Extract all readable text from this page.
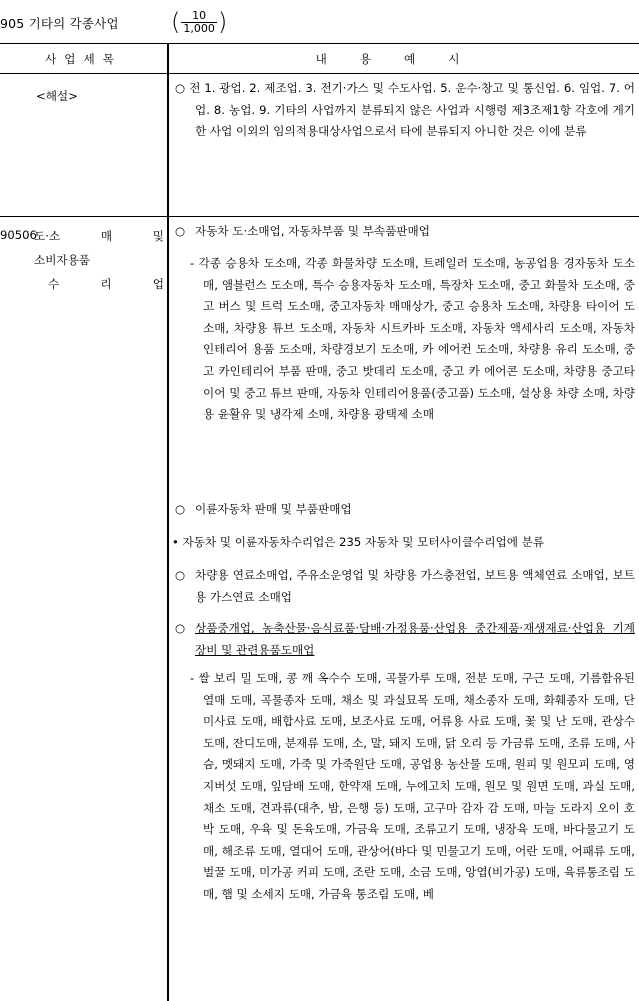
905 기타의 각종사업 ( $\frac{10}{1,000}$ )
사업세목	내용예시
<해설>
○ 전 1. 광업. 2. 제조업. 3. 전기·가스 및 수도사업. 5. 운수·창고 및 통신업. 6. 임업. 7. 어업. 8. 농업. 9. 기타의 사업까지 분류되지 않은 사업과 시행령 제3조제1항 각호에 게기한 사업 이외의 임의적용대상사업으로서 타에 분류되지 아니한 것은 이에 분류
90506
도·소 매 및
소비자용품
수 리 업
○ 자동차 도·소매업, 자동차부품 및 부속품판매업
- 각종 승용차 도소매, 각종 화물차량 도소매, 트레일러 도소매, 농공업용 경자동차 도소매, 앰블런스 도소매, 특수 승용자동차 도소매, 특장차 도소매, 중고 화물차 도소매, 중고 버스 및 트럭 도소매, 중고자동차 매매상가, 중고 승용차 도소매, 차량용 타이어 도소매, 차량용 튜브 도소매, 자동차 시트카바 도소매, 자동차 액세사리 도소매, 자동차 인테리어 용품 도소매, 차량경보기 도소매, 카 에어컨 도소매, 차량용 유리 도소매, 중고 카인테리어 부품 판매, 중고 밧데리 도소매, 중고 카 에어콘 도소매, 차량용 중고타이어 및 중고 튜브 판매, 자동차 인테리어용품(중고품) 도소매, 설상용 차량 소매, 차량용 윤활유 및 냉각제 소매, 차량용 광택제 소매
○ 이륜자동차 판매 및 부품판매업
• 자동차 및 이륜자동차수리업은 235 자동차 및 모터사이클수리업에 분류
○ 차량용 연료소매업, 주유소운영업 및 차량용 가스충전업, 보트용 액체연료 소매업, 보트용 가스연료 소매업
○ 상품중개업, 농축산물·음식료품·담배·가정용품·산업용 중간제품·재생재료·산업용 기계장비 및 관련용품도매업
- 쌀 보리 밀 도매, 콩 깨 옥수수 도매, 곡물가루 도매, 전분 도매, 구근 도매, 기름함유된 열매 도매, 곡물종자 도매, 채소 및 과실묘목 도매, 채소종자 도매, 화훼종자 도매, 단미사료 도매, 배합사료 도매, 보조사료 도매, 어류용 사료 도매, 꽃 및 난 도매, 관상수 도매, 잔디도매, 분재류 도매, 소, 말, 돼지 도매, 닭 오리 등 가금류 도매, 조류 도매, 사슴, 멧돼지 도매, 가죽 및 가죽원단 도매, 공업용 농산물 도매, 원피 및 원모피 도매, 영지버섯 도매, 잎담배 도매, 한약재 도매, 누에고치 도매, 원모 및 원면 도매, 과실 도매, 채소 도매, 견과류(대추, 밤, 은행 등) 도매, 고구마 감자 감 도매, 마늘 도라지 오이 호박 도매, 우육 및 돈육도매, 가금육 도매, 조류고기 도매, 냉장육 도매, 바다물고기 도매, 해조류 도매, 열대어 도매, 관상어(바다 및 민물고기 도매, 어란 도매, 어패류 도매, 벌꿀 도매, 미가공 커피 도매, 조란 도매, 소금 도매, 앙엽(비가공) 도매, 육류통조림 도매, 햄 및 소세지 도매, 가금육 통조림 도매, 베
